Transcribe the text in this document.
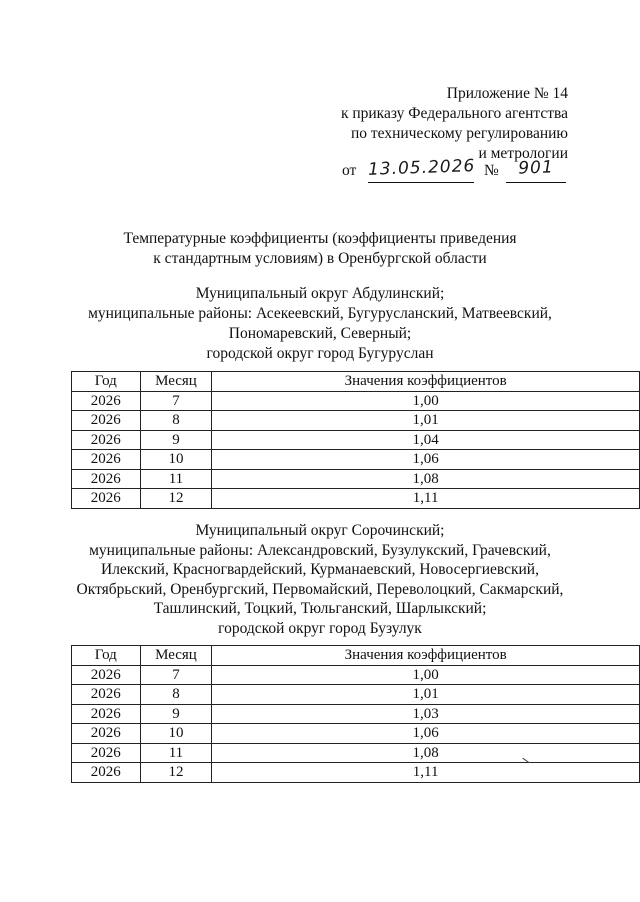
Приложение № 14
к приказу Федерального агентства
по техническому регулированию
и метрологии
от 13.05.2026 №	901
Температурные коэффициенты (коэффициенты приведения
к стандартным условиям) в Оренбургской области
Муниципальный округ Абдулинский;
муниципальные районы: Асекеевский, Бугурусланский, Матвеевский,
Пономаревский, Северный;
городской округ город Бугуруслан
Год	Месяц	Значения коэффициентов
2026	7	1,00
2026	8	1,01
2026	9	1,04
2026	10	1,06
2026	11	1,08
2026	12	1,11
Муниципальный округ Сорочинский;
муниципальные районы: Александровский, Бузулукский, Грачевский,
Илекский, Красногвардейский, Курманаевский, Новосергиевский,
Октябрьский, Оренбургский, Первомайский, Переволоцкий, Сакмарский,
Ташлинский, Тоцкий, Тюльганский, Шарлыкский;
городской округ город Бузулук
Год	Месяц	Значения коэффициентов
2026	7	1,00
2026	8	1,01
2026	9	1,03
2026	10	1,06
2026	11	1,08
2026	12	1,11
